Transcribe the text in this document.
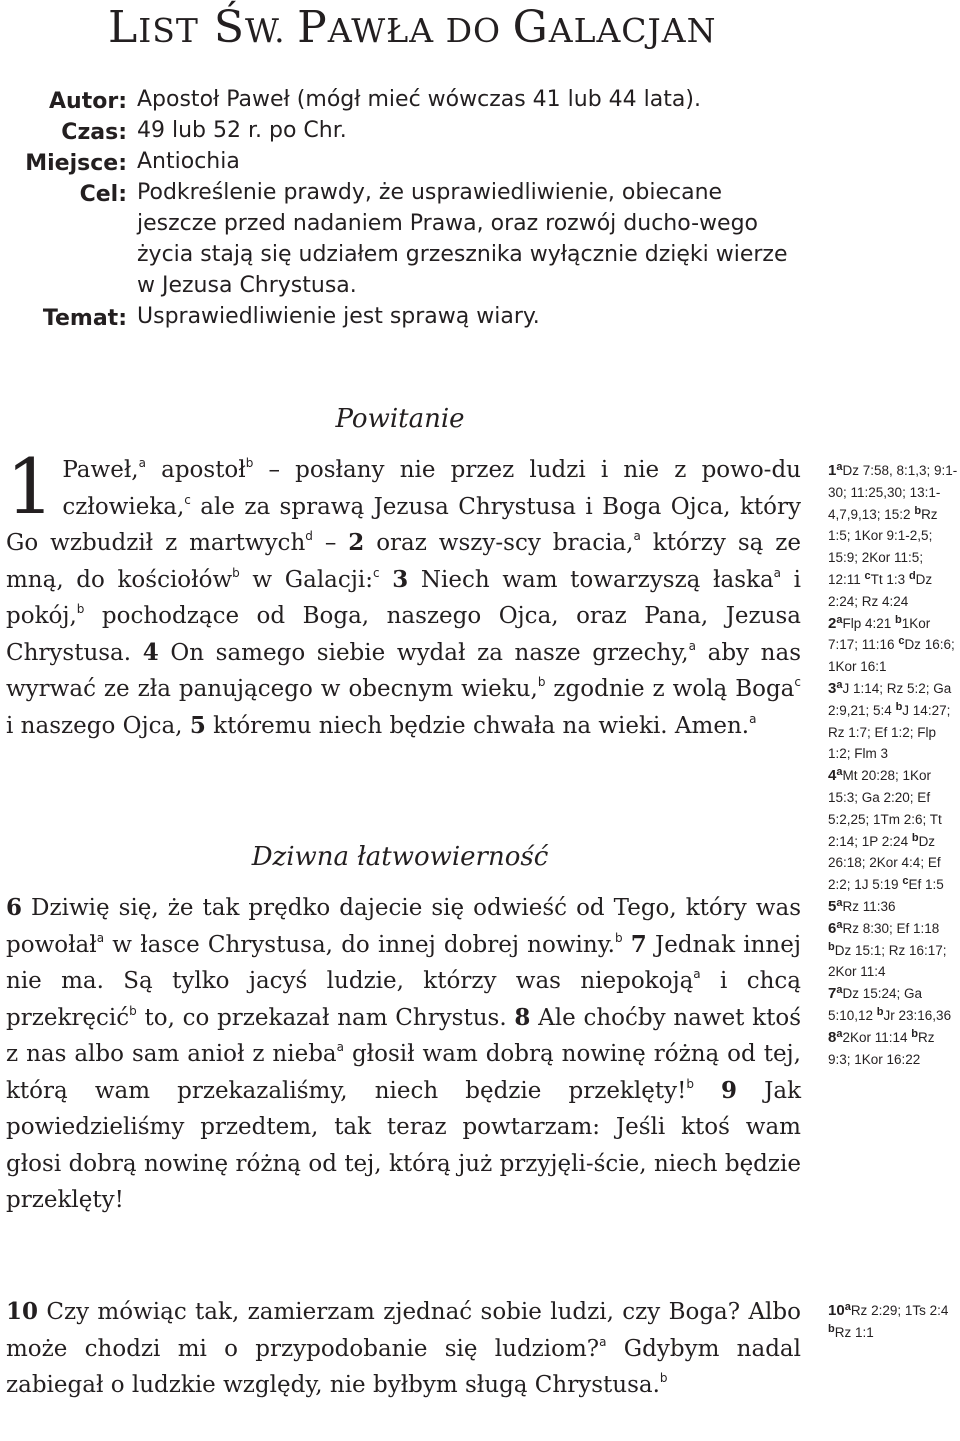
LIST ŚW. PAWŁA DO GALACJAN
Autor: Apostoł Paweł (mógł mieć wówczas 41 lub 44 lata).
Czas: 49 lub 52 r. po Chr.
Miejsce: Antiochia
Cel: Podkreślenie prawdy, że usprawiedliwienie, obiecane jeszcze przed nadaniem Prawa, oraz rozwój ducho-wego życia stają się udziałem grzesznika wyłącznie dzięki wierze w Jezusa Chrystusa.
Temat: Usprawiedliwienie jest sprawą wiary.
Powitanie
1 Paweł,$^a$ apostoł$^b$ – posłany nie przez ludzi i nie z powo-du człowieka,$^c$ ale za sprawą Jezusa Chrystusa i Boga Ojca, który Go wzbudził z martwych$^d$ – 2 oraz wszy-scy bracia,$^a$ którzy są ze mną, do kościołów$^b$ w Galacji:$^c$ 3 Niech wam towarzyszą łaska$^a$ i pokój,$^b$ pochodzące od Boga, naszego Ojca, oraz Pana, Jezusa Chrystusa. 4 On samego siebie wydał za nasze grzechy,$^a$ aby nas wyrwać ze zła panującego w obecnym wieku,$^b$ zgodnie z wolą Boga$^c$ i naszego Ojca, 5 któremu niech będzie chwała na wieki. Amen.$^a$
Dziwna łatwowierność
6 Dziwię się, że tak prędko dajecie się odwieść od Tego, który was powołał$^a$ w łasce Chrystusa, do innej dobrej nowiny.$^b$ 7 Jednak innej nie ma. Są tylko jacyś ludzie, którzy was niepokoją$^a$ i chcą przekręcić$^b$ to, co przekazał nam Chrystus. 8 Ale choćby nawet ktoś z nas albo sam anioł z nieba$^a$ głosił wam dobrą nowinę różną od tej, którą wam przekazaliśmy, niech będzie przeklęty!$^b$ 9 Jak powiedzieliśmy przedtem, tak teraz powtarzam: Jeśli ktoś wam głosi dobrą nowinę różną od tej, którą już przyjęli-ście, niech będzie przeklęty!
10 Czy mówiąc tak, zamierzam zjednać sobie ludzi, czy Boga? Albo może chodzi mi o przypodobanie się ludziom?$^a$ Gdybym nadal zabiegał o ludzkie względy, nie byłbym sługą Chrystusa.$^b$
1$^a$Dz 7:58, 8:1,3; 9:1-30; 11:25,30; 13:1-4,7,9,13; 15:2 $^b$Rz 1:5; 1Kor 9:1-2,5; 15:9; 2Kor 11:5; 12:11 $^c$Tt 1:3 $^d$Dz 2:24; Rz 4:24
2$^a$Flp 4:21 $^b$1Kor 7:17; 11:16 $^c$Dz 16:6; 1Kor 16:1
3$^a$J 1:14; Rz 5:2; Ga 2:9,21; 5:4 $^b$J 14:27; Rz 1:7; Ef 1:2; Flp 1:2; Flm 3
4$^a$Mt 20:28; 1Kor 15:3; Ga 2:20; Ef 5:2,25; 1Tm 2:6; Tt 2:14; 1P 2:24 $^b$Dz 26:18; 2Kor 4:4; Ef 2:2; 1J 5:19 $^c$Ef 1:5
5$^a$Rz 11:36
6$^a$Rz 8:30; Ef 1:18 $^b$Dz 15:1; Rz 16:17; 2Kor 11:4
7$^a$Dz 15:24; Ga 5:10,12 $^b$Jr 23:16,36
8$^a$2Kor 11:14 $^b$Rz 9:3; 1Kor 16:22
10$^a$Rz 2:29; 1Ts 2:4 $^b$Rz 1:1
